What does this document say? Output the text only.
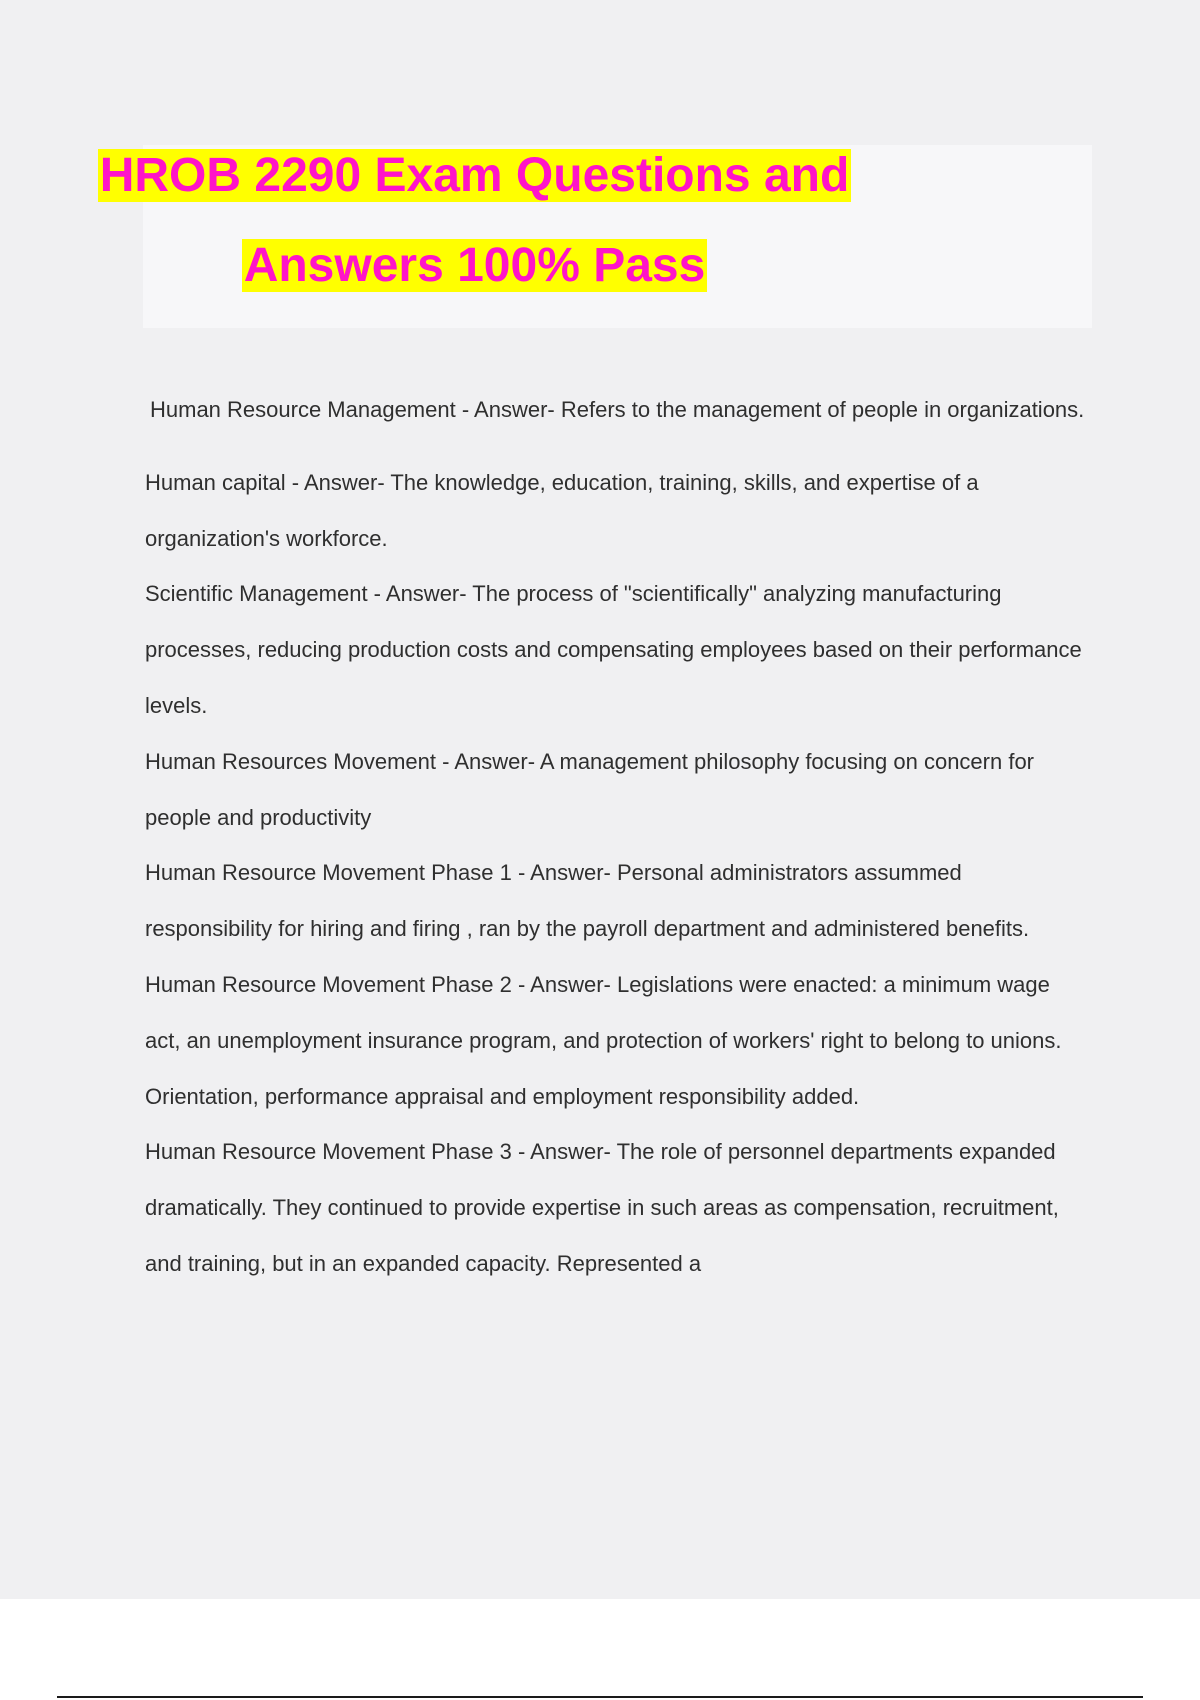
HROB 2290 Exam Questions and
Answers 100% Pass

Human Resource Management - Answer- Refers to the management of people in organizations.

Human capital - Answer- The knowledge, education, training, skills, and expertise of a organization's workforce.

Scientific Management - Answer- The process of "scientifically" analyzing manufacturing processes, reducing production costs and compensating employees based on their performance levels.

Human Resources Movement - Answer- A management philosophy focusing on concern for people and productivity

Human Resource Movement Phase 1 - Answer- Personal administrators assummed responsibility for hiring and firing , ran by the payroll department and administered benefits.

Human Resource Movement Phase 2 - Answer- Legislations were enacted: a minimum wage act, an unemployment insurance program, and protection of workers' right to belong to unions. Orientation, performance appraisal and employment responsibility added.

Human Resource Movement Phase 3 - Answer- The role of personnel departments expanded dramatically. They continued to provide expertise in such areas as compensation, recruitment, and training, but in an expanded capacity. Represented a
